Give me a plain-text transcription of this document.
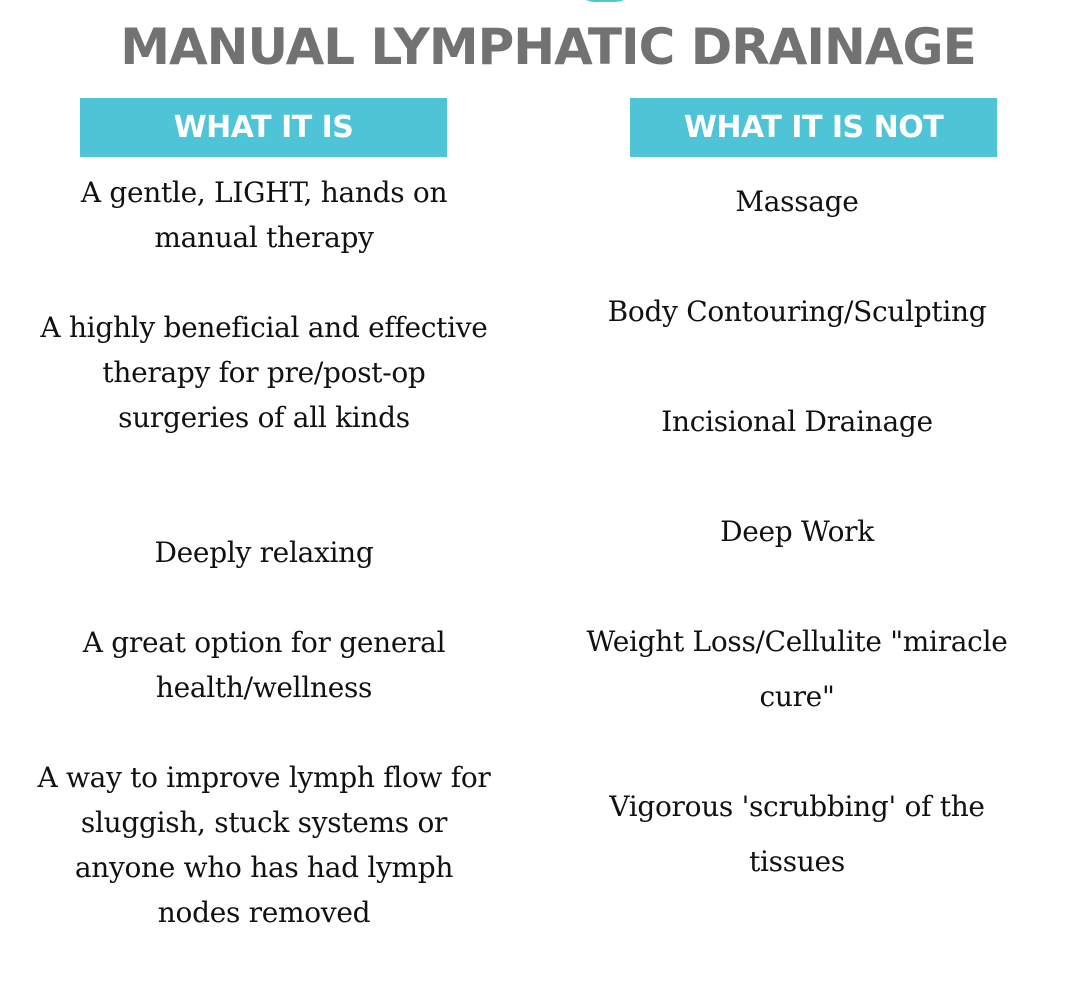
MANUAL LYMPHATIC DRAINAGE
WHAT IT IS	WHAT IT IS NOT

A gentle, LIGHT, hands on manual therapy

A highly beneficial and effective therapy for pre/post-op surgeries of all kinds

Deeply relaxing

A great option for general health/wellness

A way to improve lymph flow for sluggish, stuck systems or anyone who has had lymph nodes removed

Massage

Body Contouring/Sculpting

Incisional Drainage

Deep Work

Weight Loss/Cellulite "miracle cure"

Vigorous 'scrubbing' of the tissues
